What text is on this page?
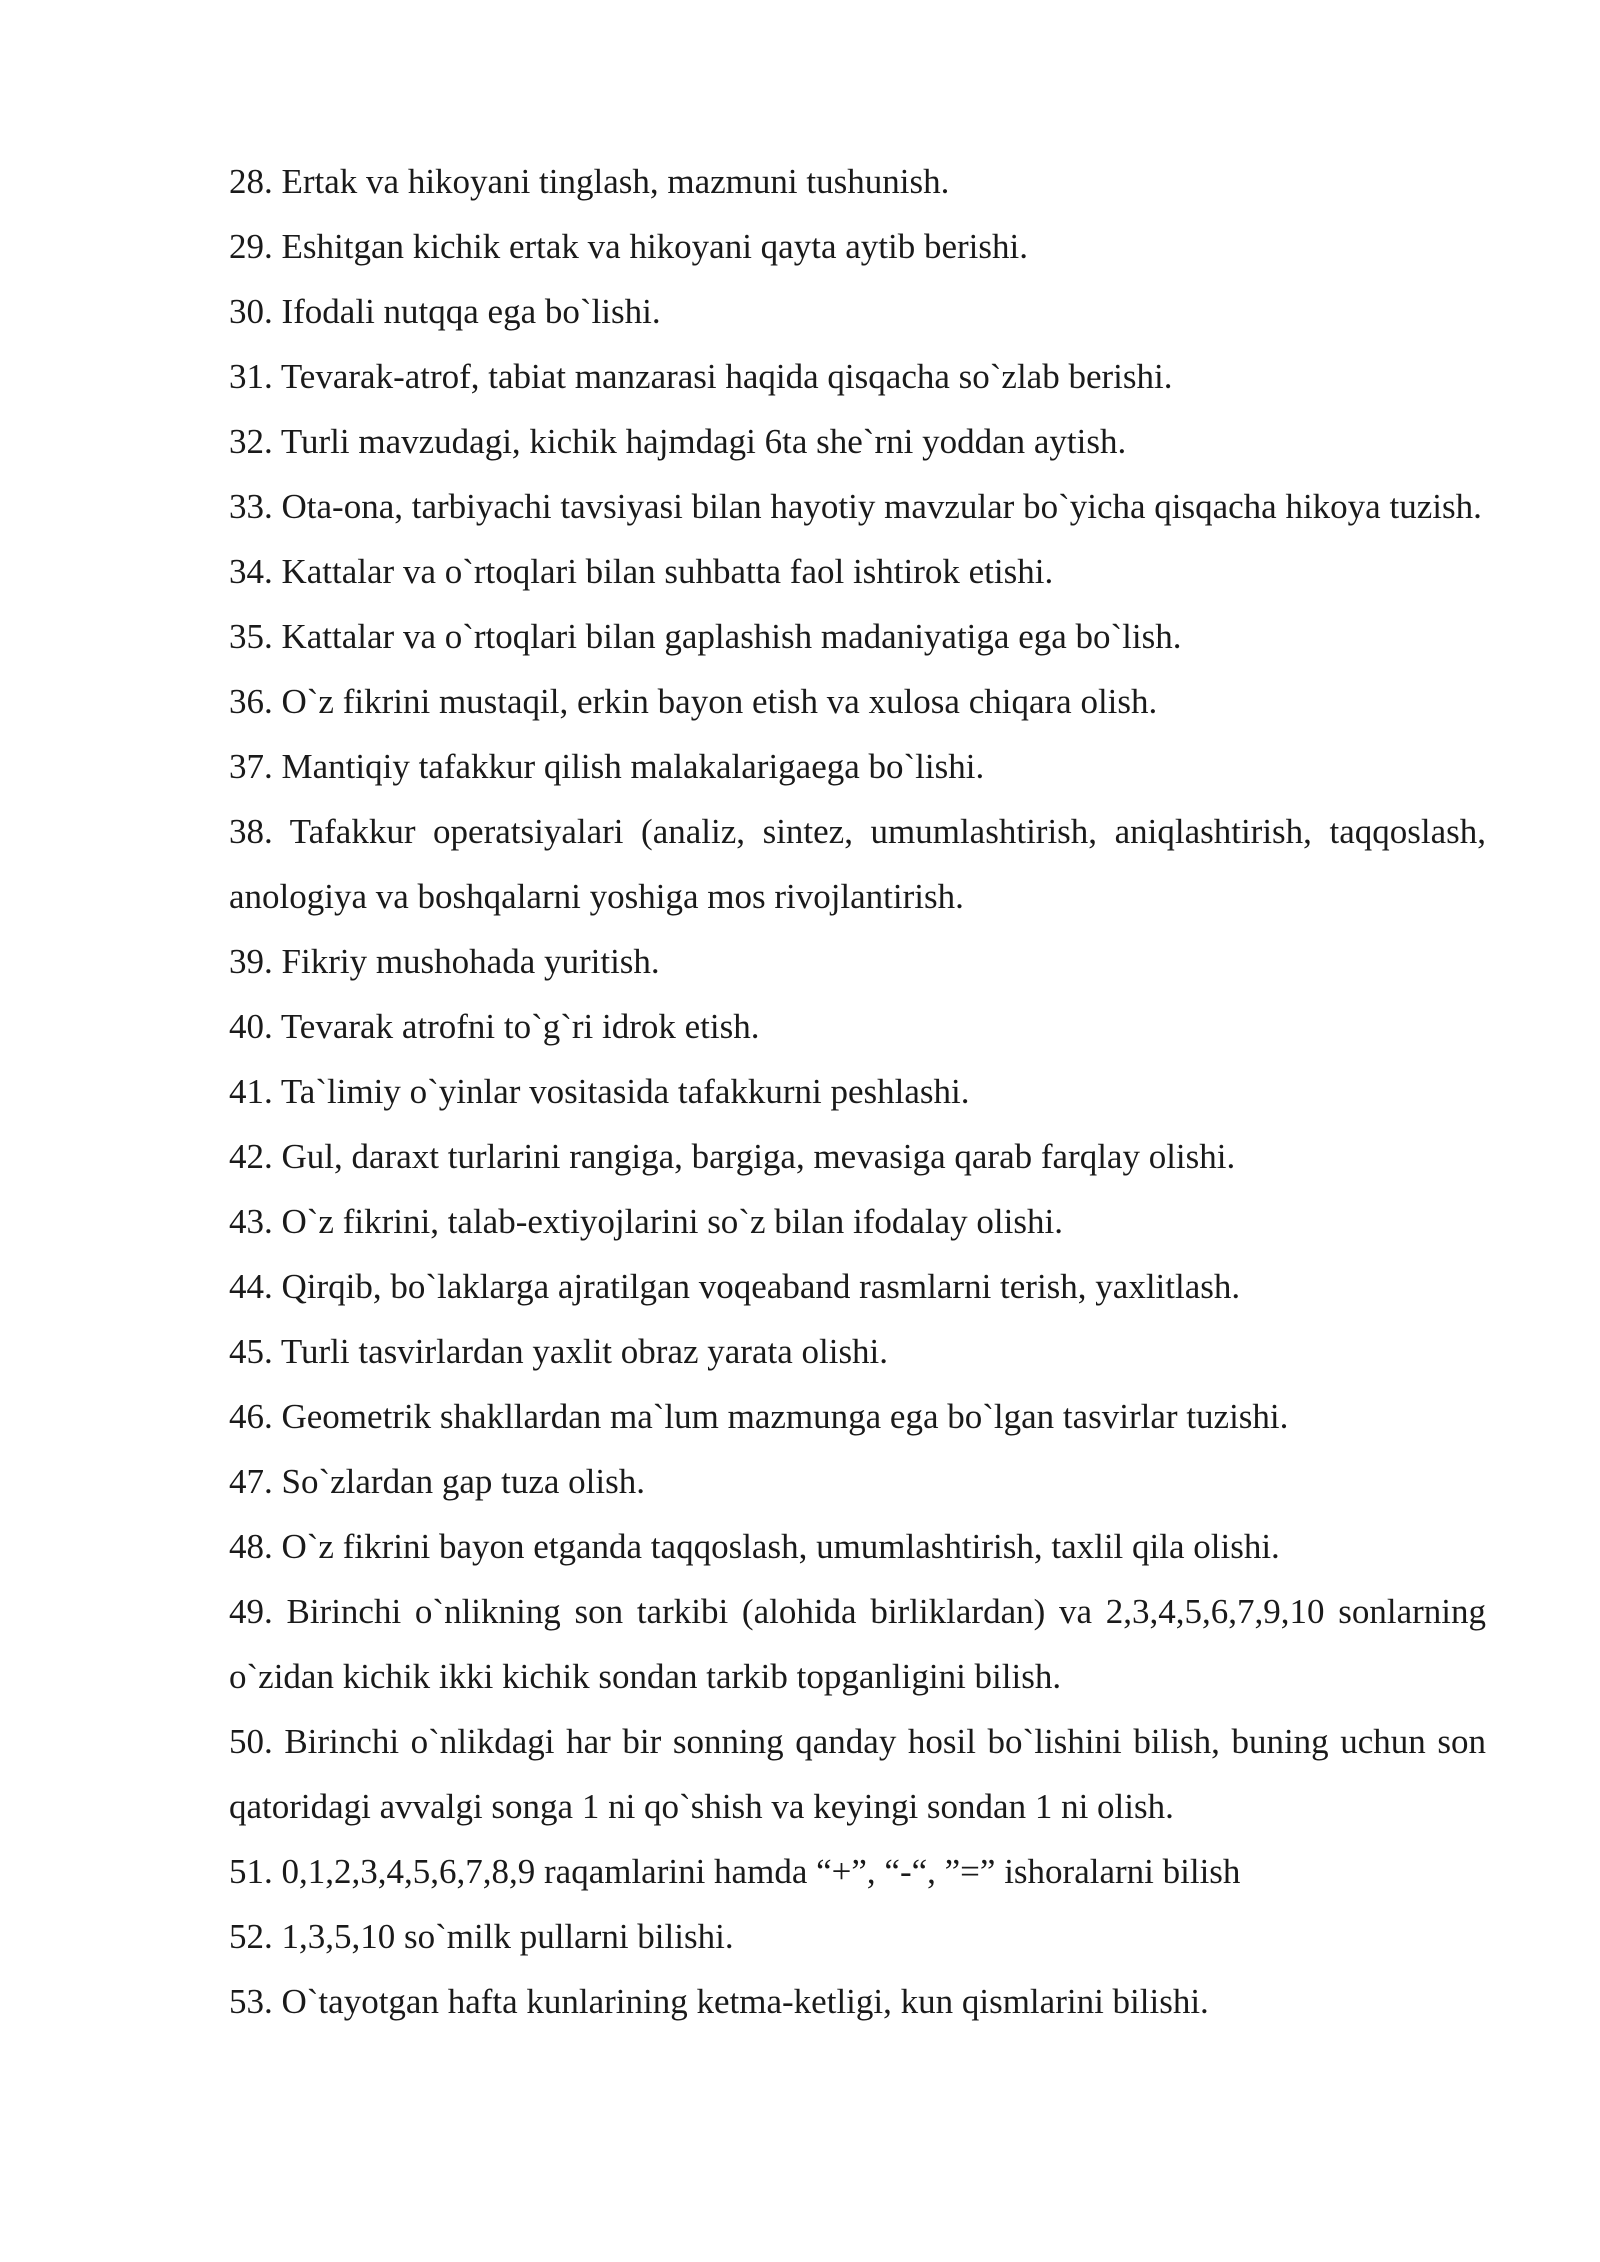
28. Ertak va hikoyani tinglash, mazmuni tushunish.

29. Eshitgan kichik ertak va hikoyani qayta aytib berishi.

30. Ifodali nutqqa ega bo`lishi.

31. Tevarak-atrof, tabiat manzarasi haqida qisqacha so`zlab berishi.

32. Turli mavzudagi, kichik hajmdagi 6ta she`rni yoddan aytish.

33. Ota-ona, tarbiyachi tavsiyasi bilan hayotiy mavzular bo`yicha qisqacha hikoya tuzish.

34. Kattalar va o`rtoqlari bilan suhbatta faol ishtirok etishi.

35. Kattalar va o`rtoqlari bilan gaplashish madaniyatiga ega bo`lish.

36. O`z fikrini mustaqil, erkin bayon etish va xulosa chiqara olish.

37. Mantiqiy tafakkur qilish malakalarigaega bo`lishi.

38. Tafakkur operatsiyalari (analiz, sintez, umumlashtirish, aniqlashtirish, taqqoslash, anologiya va boshqalarni yoshiga mos rivojlantirish.

39. Fikriy mushohada yuritish.

40. Tevarak atrofni to`g`ri idrok etish.

41. Ta`limiy o`yinlar vositasida tafakkurni peshlashi.

42. Gul, daraxt turlarini rangiga, bargiga, mevasiga qarab farqlay olishi.

43. O`z fikrini, talab-extiyojlarini so`z bilan ifodalay olishi.

44. Qirqib, bo`laklarga ajratilgan voqeaband rasmlarni terish, yaxlitlash.

45. Turli tasvirlardan yaxlit obraz yarata olishi.

46. Geometrik shakllardan ma`lum mazmunga ega bo`lgan tasvirlar tuzishi.

47. So`zlardan gap tuza olish.

48. O`z fikrini bayon etganda taqqoslash, umumlashtirish, taxlil qila olishi.

49. Birinchi o`nlikning son tarkibi (alohida birliklardan) va 2,3,4,5,6,7,9,10 sonlarning o`zidan kichik ikki kichik sondan tarkib topganligini bilish.

50. Birinchi o`nlikdagi har bir sonning qanday hosil bo`lishini bilish, buning uchun son qatoridagi avvalgi songa 1 ni qo`shish va keyingi sondan 1 ni olish.

51. 0,1,2,3,4,5,6,7,8,9 raqamlarini hamda “+”, “-“, ”=” ishoralarni bilish

52. 1,3,5,10 so`milk pullarni bilishi.

53. O`tayotgan hafta kunlarining ketma-ketligi, kun qismlarini bilishi.
